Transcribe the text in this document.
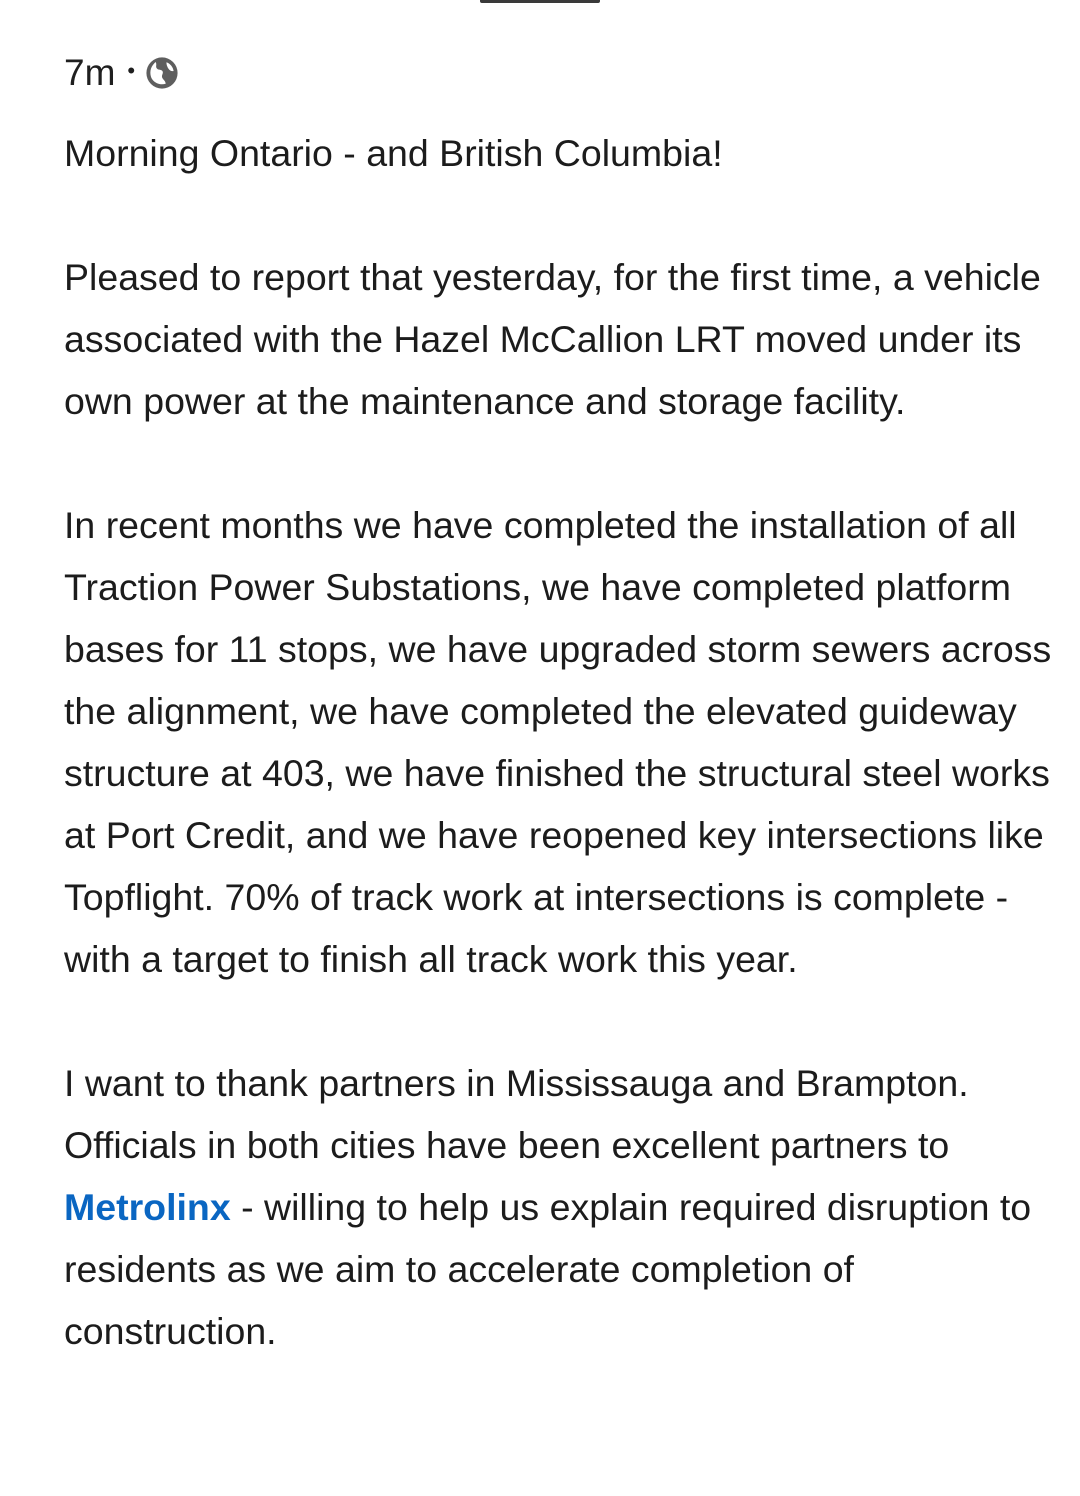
7m •

Morning Ontario - and British Columbia!

Pleased to report that yesterday, for the first time, a vehicle associated with the Hazel McCallion LRT moved under its own power at the maintenance and storage facility.

In recent months we have completed the installation of all Traction Power Substations, we have completed platform bases for 11 stops, we have upgraded storm sewers across the alignment, we have completed the elevated guideway structure at 403, we have finished the structural steel works at Port Credit, and we have reopened key intersections like Topflight. 70% of track work at intersections is complete - with a target to finish all track work this year.

I want to thank partners in Mississauga and Brampton. Officials in both cities have been excellent partners to Metrolinx - willing to help us explain required disruption to residents as we aim to accelerate completion of construction.
